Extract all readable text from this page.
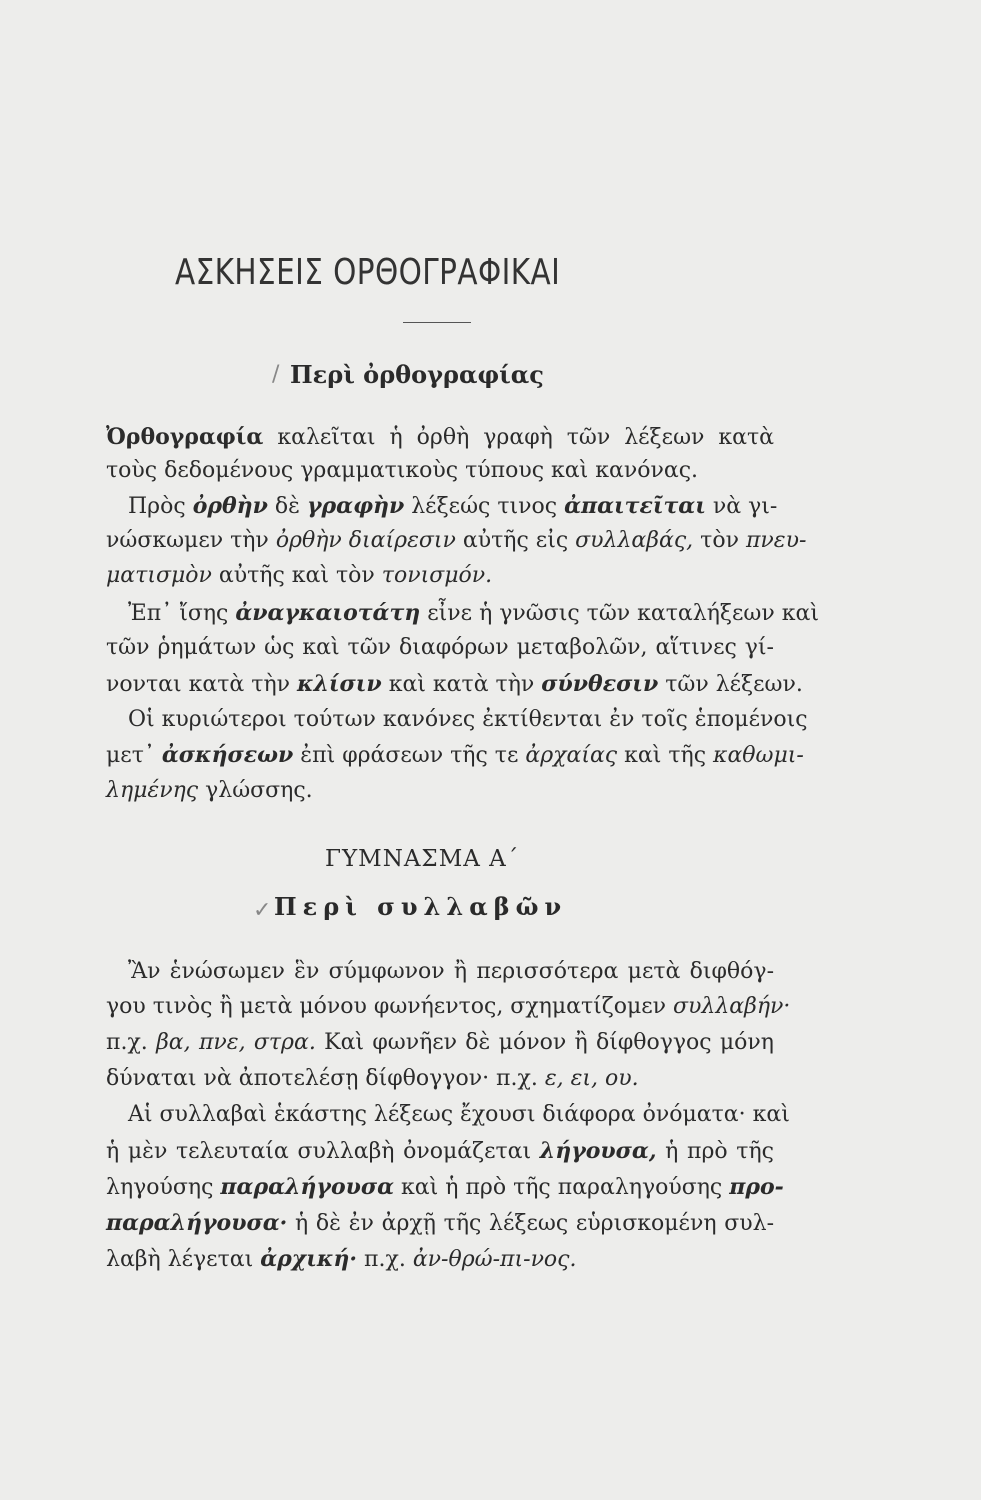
ΑΣΚΗΣΕΙΣ ΟΡΘΟΓΡΑΦΙΚΑΙ
/ Περὶ ὀρθογραφίας
Ὀρθογραφία καλεῖται ἡ ὀρθὴ γραφὴ τῶν λέξεων κατὰ
τοὺς δεδομένους γραμματικοὺς τύπους καὶ κανόνας.
 Πρὸς ὀρθὴν δὲ γραφὴν λέξεώς τινος ἀπαιτεῖται νὰ γι-
νώσκωμεν τὴν ὀρθὴν διαίρεσιν αὐτῆς εἰς συλλαβάς, τὸν πνευ-
ματισμὸν αὐτῆς καὶ τὸν τονισμόν.
 Ἐπ᾽ ἴσης ἀναγκαιοτάτη εἶνε ἡ γνῶσις τῶν καταλήξεων καὶ
τῶν ῥημάτων ὡς καὶ τῶν διαφόρων μεταβολῶν, αἵτινες γί-
νονται κατὰ τὴν κλίσιν καὶ κατὰ τὴν σύνθεσιν τῶν λέξεων.
 Οἱ κυριώτεροι τούτων κανόνες ἐκτίθενται ἐν τοῖς ἑπομένοις
μετ᾽ ἀσκήσεων ἐπὶ φράσεων τῆς τε ἀρχαίας καὶ τῆς καθωμι-
λημένης γλώσσης.
ΓΥΜΝΑΣΜΑ Α΄
✓ Περὶ συλλαβῶν
 Ἂν ἑνώσωμεν ἓν σύμφωνον ἢ περισσότερα μετὰ διφθόγ-
γου τινὸς ἢ μετὰ μόνου φωνήεντος, σχηματίζομεν συλλαβήν·
π.χ. βα, πνε, στρα. Καὶ φωνῆεν δὲ μόνον ἢ δίφθογγος μόνη
δύναται νὰ ἀποτελέσῃ δίφθογγον· π.χ. ε, ει, ου.
 Αἱ συλλαβαὶ ἑκάστης λέξεως ἔχουσι διάφορα ὀνόματα· καὶ
ἡ μὲν τελευταία συλλαβὴ ὀνομάζεται λήγουσα, ἡ πρὸ τῆς
ληγούσης παραλήγουσα καὶ ἡ πρὸ τῆς παραληγούσης προ-
παραλήγουσα· ἡ δὲ ἐν ἀρχῇ τῆς λέξεως εὑρισκομένη συλ-
λαβὴ λέγεται ἀρχική· π.χ. ἀν-θρώ-πι-νος.
